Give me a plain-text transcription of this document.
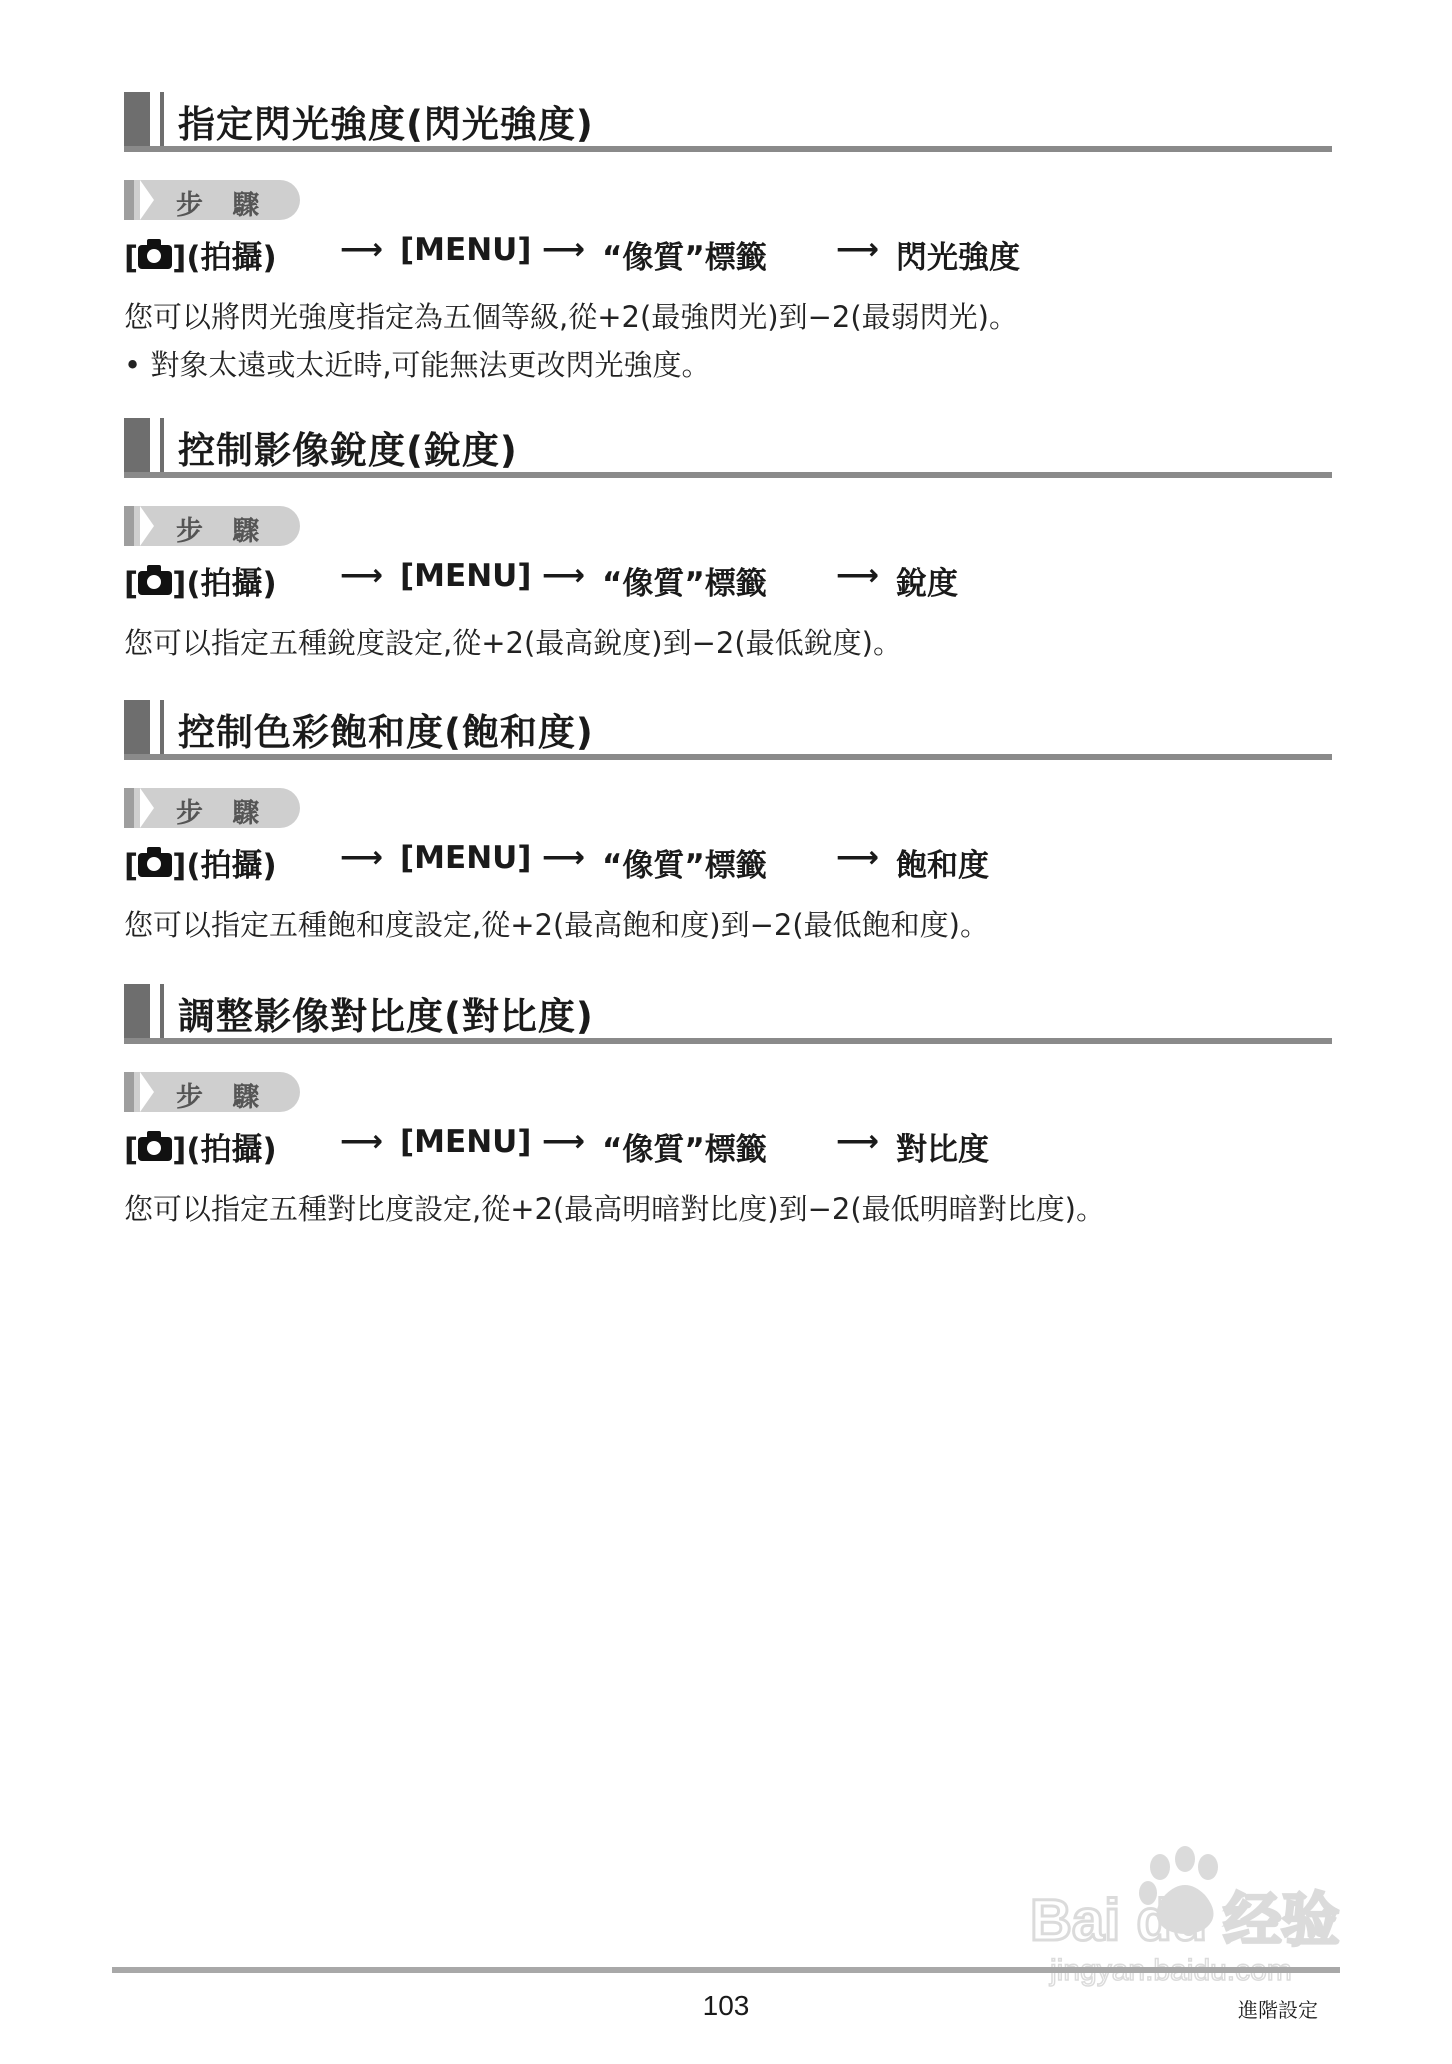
指定閃光強度(閃光強度)
步 驟
[ ](拍攝) ⟶ [MENU] ⟶ “像質”標籤 ⟶ 閃光強度
您可以將閃光強度指定為五個等級,從+2(最強閃光)到−2(最弱閃光)。
• 對象太遠或太近時,可能無法更改閃光強度。
控制影像銳度(銳度)
步 驟
[ ](拍攝) ⟶ [MENU] ⟶ “像質”標籤 ⟶ 銳度
您可以指定五種銳度設定,從+2(最高銳度)到−2(最低銳度)。
控制色彩飽和度(飽和度)
步 驟
[ ](拍攝) ⟶ [MENU] ⟶ “像質”標籤 ⟶ 飽和度
您可以指定五種飽和度設定,從+2(最高飽和度)到−2(最低飽和度)。
調整影像對比度(對比度)
步 驟
[ ](拍攝) ⟶ [MENU] ⟶ “像質”標籤 ⟶ 對比度
您可以指定五種對比度設定,從+2(最高明暗對比度)到−2(最低明暗對比度)。
Bai du 经验
103	進階設定
